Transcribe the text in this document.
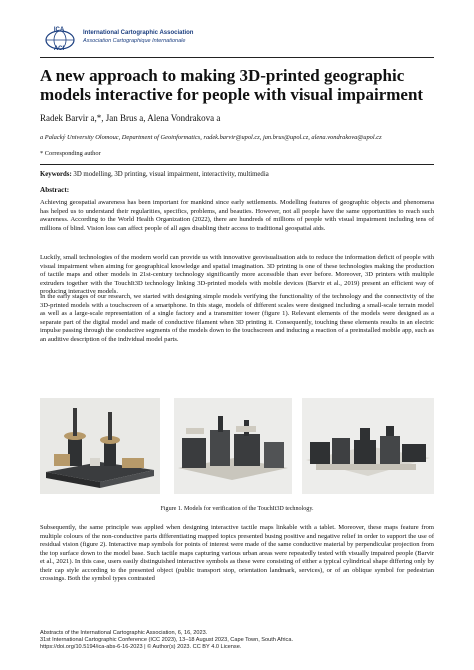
ICA
ACI
International Cartographic Association
Association Cartographique Internationale
A new approach to making 3D-printed geographic models interactive for people with visual impairment
Radek Barvir a,*, Jan Brus a, Alena Vondrakova a
a Palacký University Olomouc, Department of Geoinformatics, radek.barvir@upol.cz, jan.brus@upol.cz, alena.vondrakova@upol.cz
* Corresponding author
Keywords: 3D modelling, 3D printing, visual impairment, interactivity, multimedia
Abstract:
Achieving geospatial awareness has been important for mankind since early settlements. Modelling features of geographic objects and phenomena has helped us to understand their regularities, specifics, problems, and beauties. However, not all people have the same opportunities to reach such awareness. According to the World Health Organization (2022), there are hundreds of millions of people with visual impairment including tens of millions of blind. Vision loss can affect people of all ages disabling their access to traditional geospatial aids.
Luckily, small technologies of the modern world can provide us with innovative geovisualisation aids to reduce the information deficit of people with visual impairment when aiming for geographical knowledge and spatial imagination. 3D printing is one of these technologies making the production of tactile maps and other models in 21st-century technology significantly more accessible than ever before. Moreover, 3D printers with multiple extruders together with the TouchIt3D technology linking 3D-printed models with mobile devices (Barvir et al., 2019) present an efficient way of producing interactive models.
In the early stages of our research, we started with designing simple models verifying the functionality of the technology and the connectivity of the 3D-printed models with a touchscreen of a smartphone. In this stage, models of different scales were designed including a small-scale terrain model as well as a large-scale representation of a single factory and a transmitter tower (figure 1). Relevant elements of the models were designed as a separate part of the digital model and made of conductive filament when 3D printing it. Consequently, touching these elements results in an electric impulse passing through the conductive segments of the models down to the touchscreen and inducing a reaction of a preinstalled mobile app, such as an auditive description of the individual model parts.
Figure 1. Models for verification of the TouchIt3D technology.
Subsequently, the same principle was applied when designing interactive tactile maps linkable with a tablet. Moreover, these maps feature from multiple colours of the non-conductive parts differentiating mapped topics presented busing positive and negative relief in order to support the use of residual vision (figure 2). Interactive map symbols for points of interest were made of the same conductive material by perpendicular projection from the top surface down to the model base. Such tactile maps capturing various urban areas were repeatedly tested with visually impaired people (Barvir et al., 2021). In this case, users easily distinguished interactive symbols as these were consisting of either a typical cylindrical shape differing only by their cap style according to the presented object (public transport stop, orientation landmark, services), or of an oblique symbol for pedestrian crossings. Both the symbol types contrasted
Abstracts of the International Cartographic Association, 6, 16, 2023.
31st International Cartographic Conference (ICC 2023), 13–18 August 2023, Cape Town, South Africa.
https://doi.org/10.5194/ica-abs-6-16-2023 | © Author(s) 2023. CC BY 4.0 License.
